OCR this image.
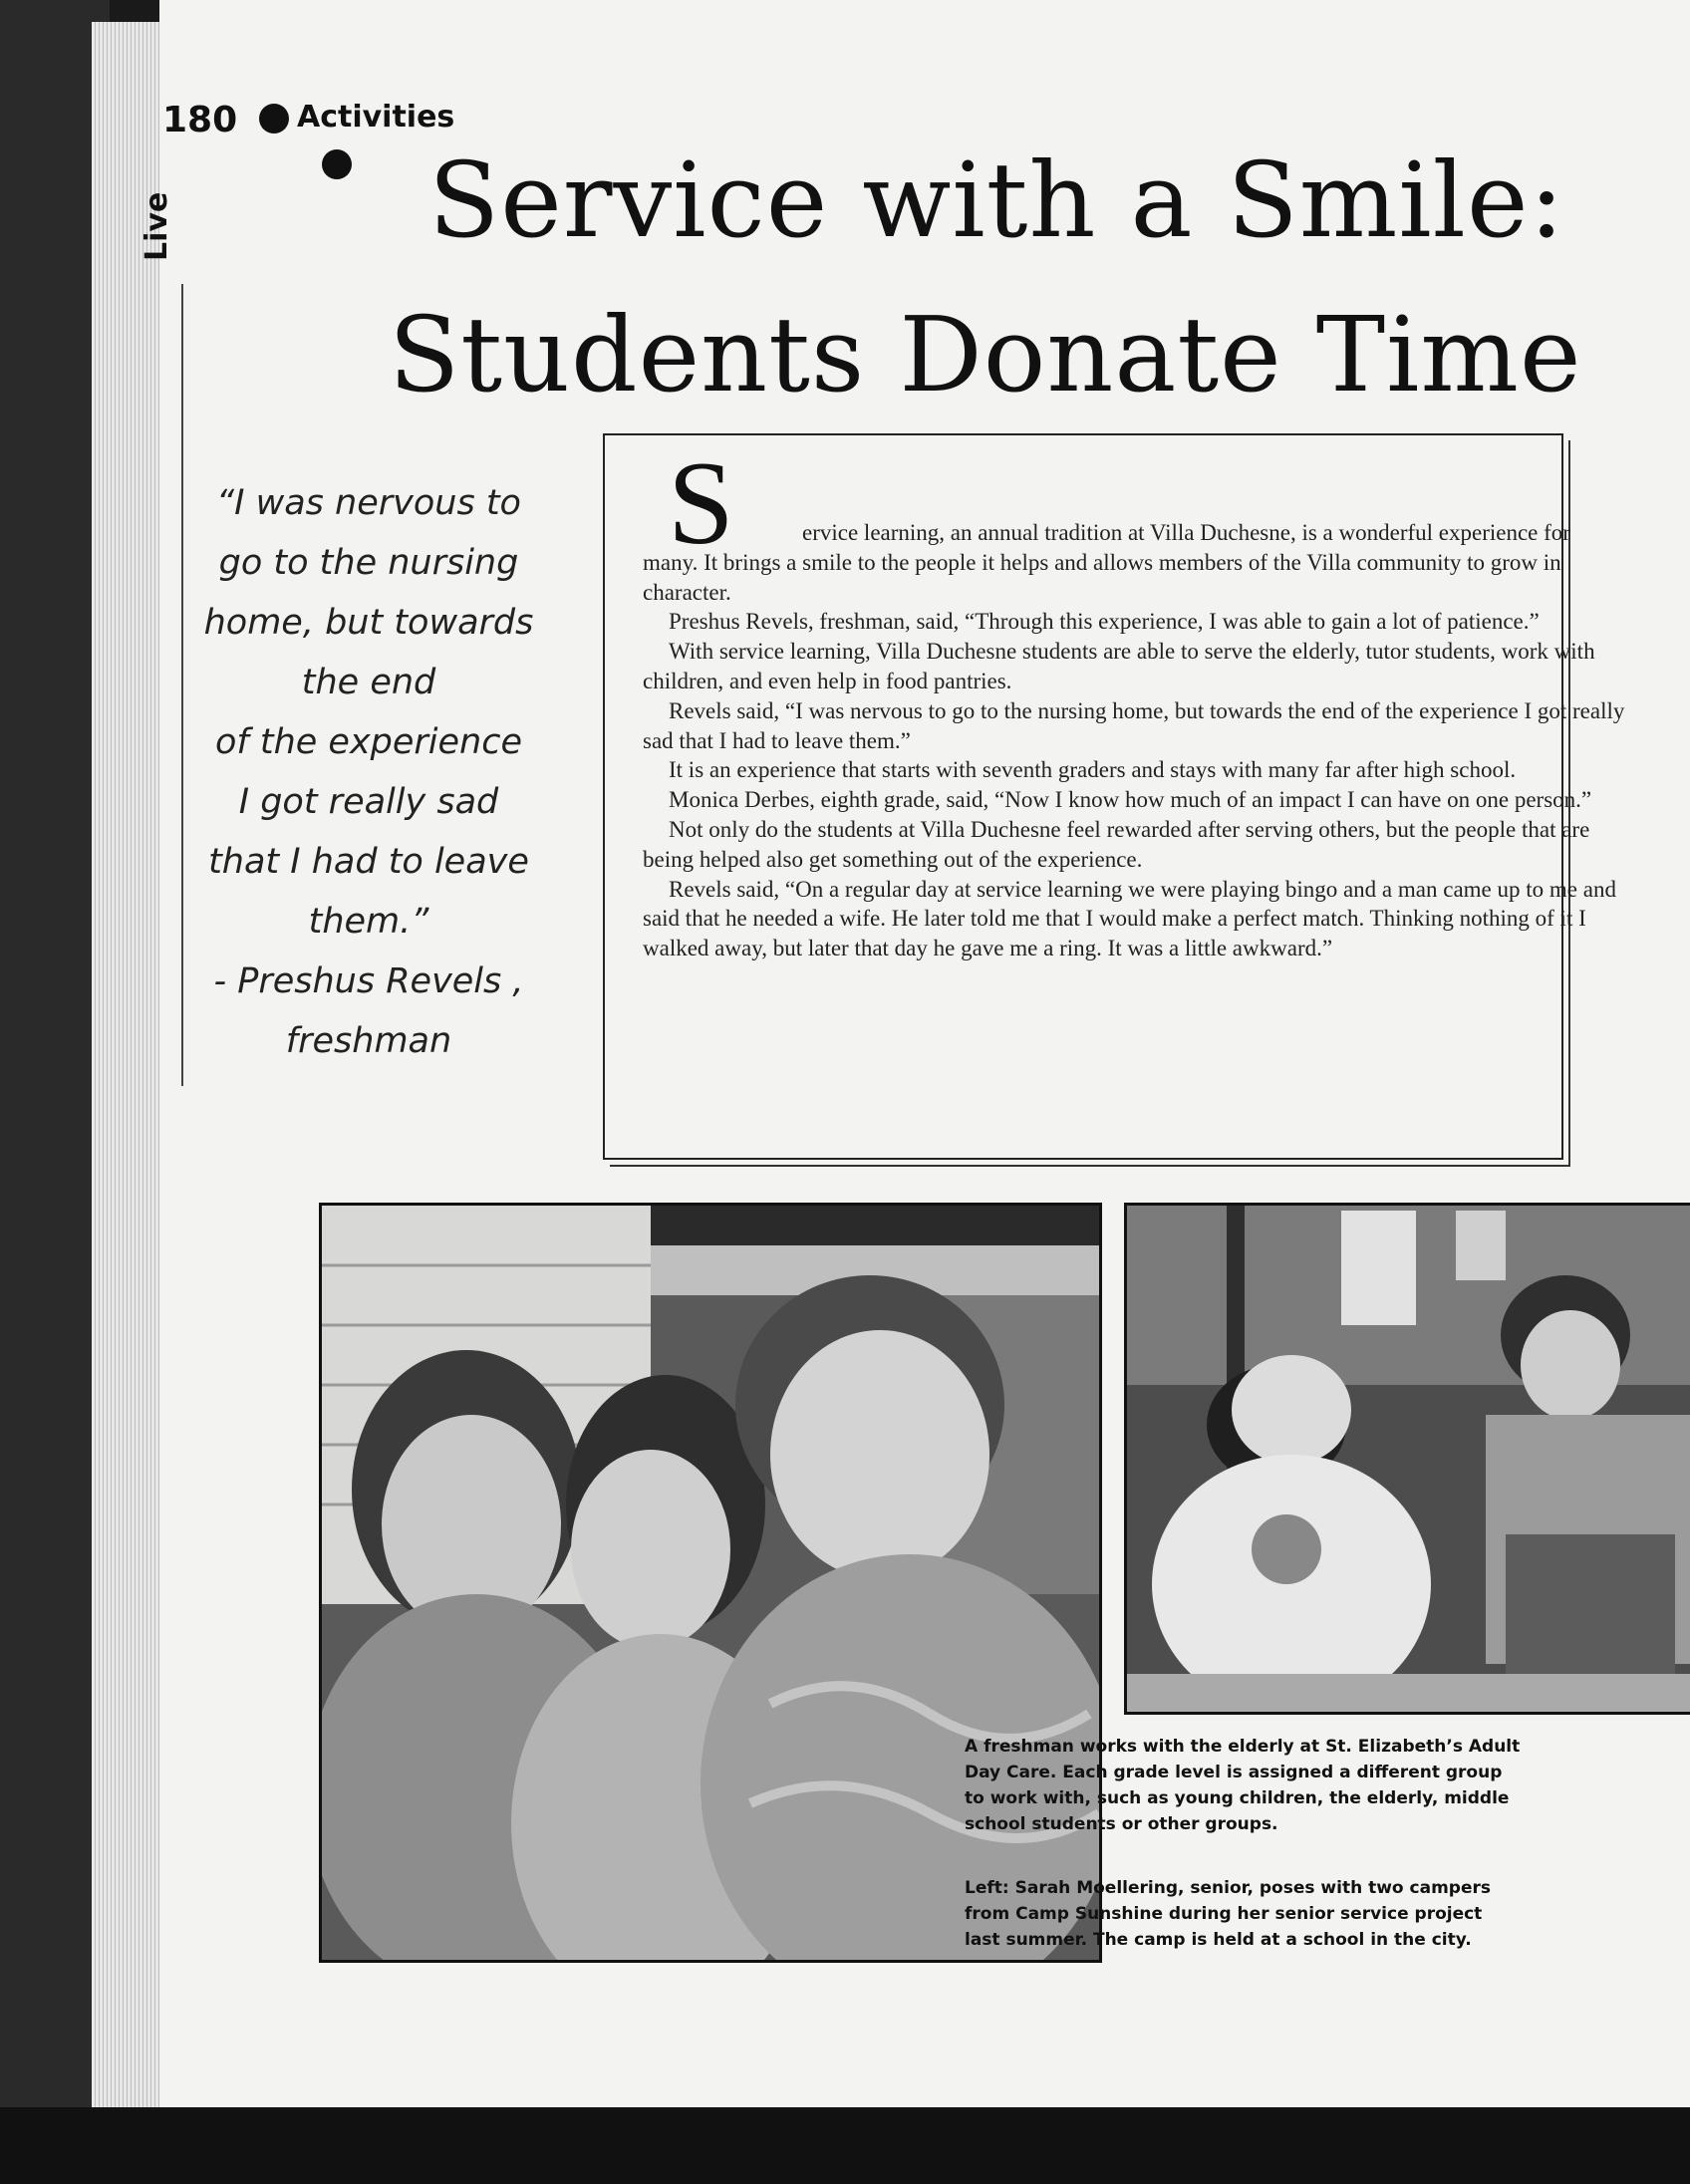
180 Activities
Live Service with a Smile:
Students Donate Time
“I was nervous to
go to the nursing
home, but towards
the end
of the experience
I got really sad
that I had to leave
them.”
- Preshus Revels ,
freshman
S	ervice learning, an annual tradition at Villa Duchesne, is a wonderful experience for many. It brings a smile to the people it helps and allows members of the Villa community to grow in character.

Preshus Revels, freshman, said, “Through this experience, I was able to gain a lot of patience.”

With service learning, Villa Duchesne students are able to serve the elderly, tutor students, work with children, and even help in food pantries.

Revels said, “I was nervous to go to the nursing home, but towards the end of the experience I got really sad that I had to leave them.”

It is an experience that starts with seventh graders and stays with many far after high school.

Monica Derbes, eighth grade, said, “Now I know how much of an impact I can have on one person.”

Not only do the students at Villa Duchesne feel rewarded after serving others, but the people that are being helped also get something out of the experience.

Revels said, “On a regular day at service learning we were playing bingo and a man came up to me and said that he needed a wife. He later told me that I would make a perfect match. Thinking nothing of it I walked away, but later that day he gave me a ring. It was a little awkward.”

A freshman works with the elderly at St. Elizabeth’s Adult Day Care. Each grade level is assigned a different group to work with, such as young children, the elderly, middle school students or other groups.
Left: Sarah Moellering, senior, poses with two campers from Camp Sunshine during her senior service project last summer. The camp is held at a school in the city.
